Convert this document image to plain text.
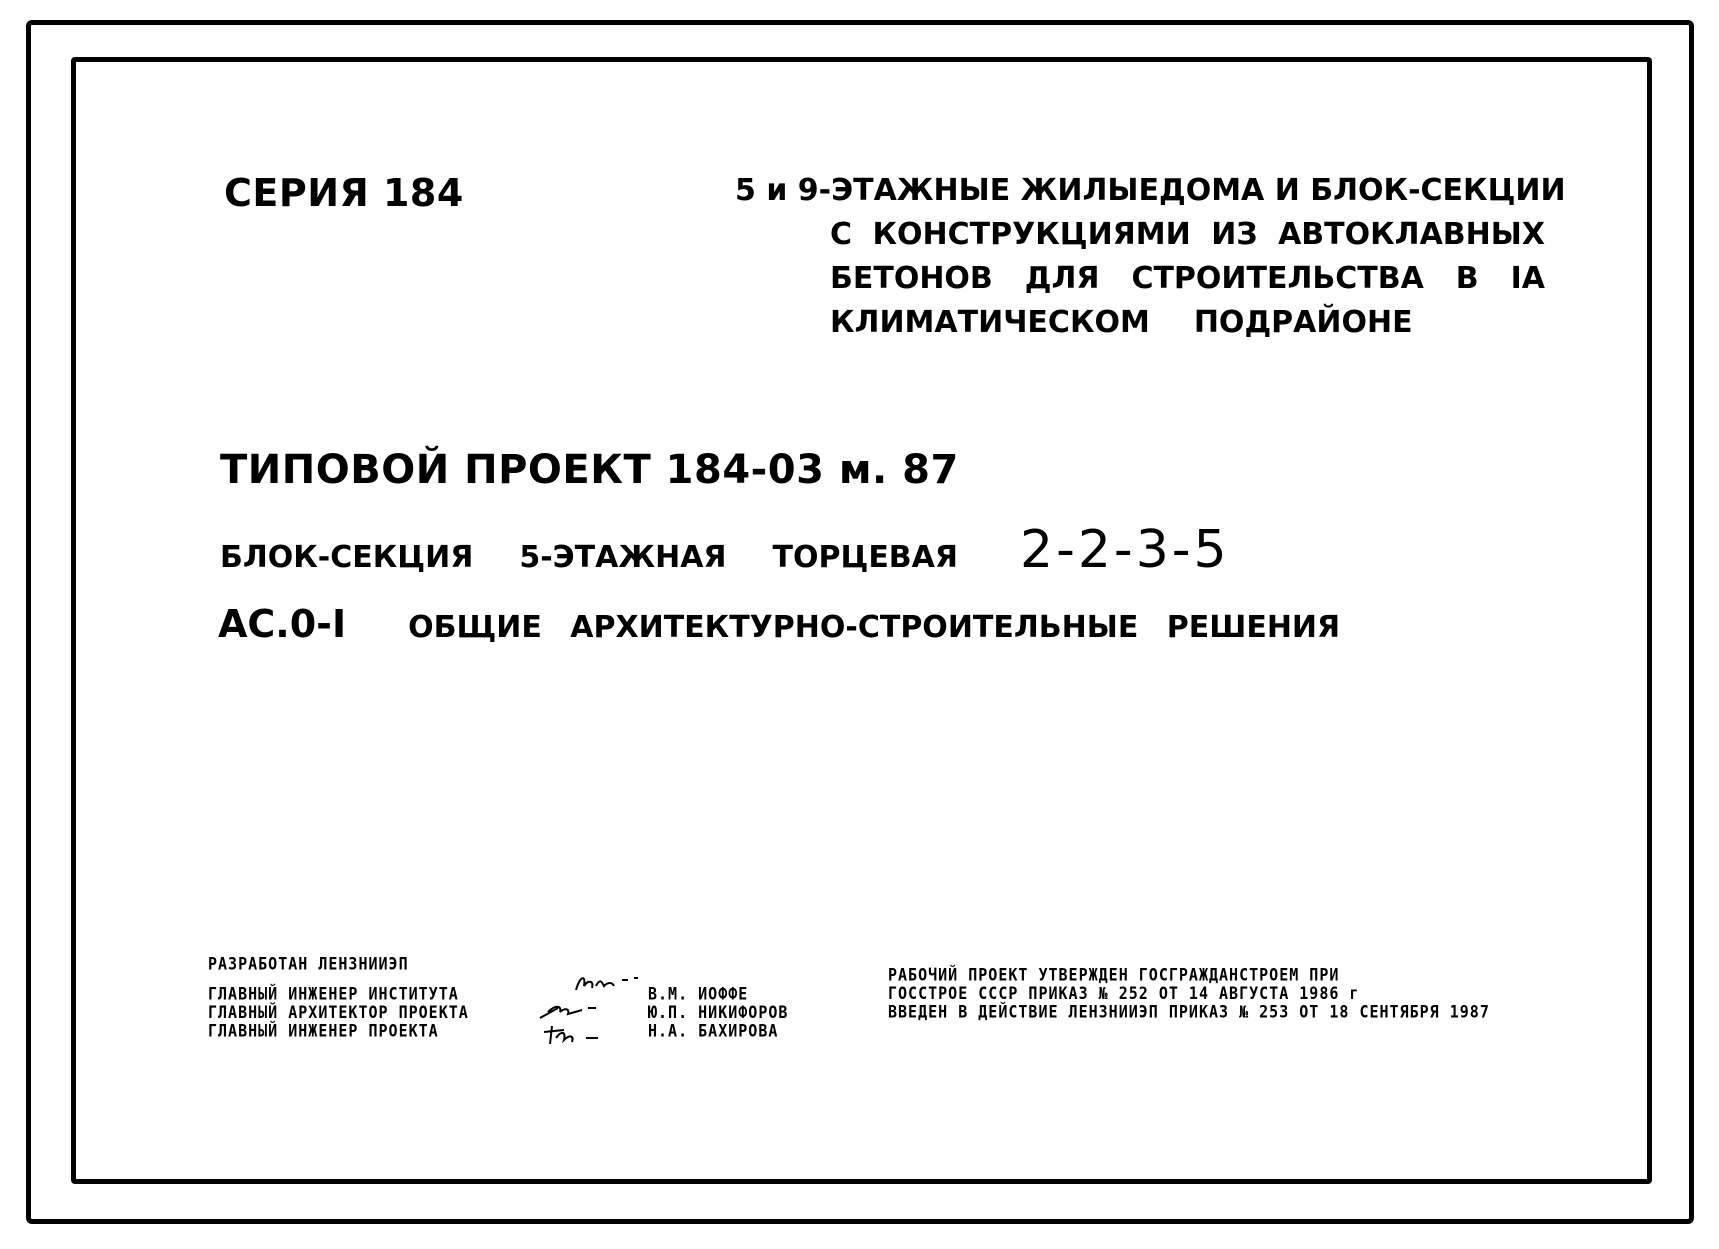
СЕРИЯ 184	5 и 9-ЭТАЖНЫЕ ЖИЛЫЕ ДОМА И БЛОК-СЕКЦИИ
С КОНСТРУКЦИЯМИ ИЗ АВТОКЛАВНЫХ
БЕТОНОВ ДЛЯ СТРОИТЕЛЬСТВА В IА
КЛИМАТИЧЕСКОМ ПОДРАЙОНЕ
ТИПОВОЙ ПРОЕКТ 184-03 м. 87
БЛОК-СЕКЦИЯ 5-ЭТАЖНАЯ ТОРЦЕВАЯ 2-2-3-5
АС.0-I ОБЩИЕ АРХИТЕКТУРНО-СТРОИТЕЛЬНЫЕ РЕШЕНИЯ
РАЗРАБОТАН ЛЕНЗНИИЭП
ГЛАВНЫЙ ИНЖЕНЕР ИНСТИТУТА
ГЛАВНЫЙ АРХИТЕКТОР ПРОЕКТА
ГЛАВНЫЙ ИНЖЕНЕР ПРОЕКТА
В.М. ИОФФЕ
Ю.П. НИКИФОРОВ
Н.А. БАХИРОВА
РАБОЧИЙ ПРОЕКТ УТВЕРЖДЕН ГОСГРАЖДАНСТРОЕМ ПРИ
ГОССТРОЕ СССР ПРИКАЗ № 252 ОТ 14 АВГУСТА 1986 г
ВВЕДЕН В ДЕЙСТВИЕ ЛЕНЗНИИЭП ПРИКАЗ № 253 ОТ 18 СЕНТЯБРЯ 1987
